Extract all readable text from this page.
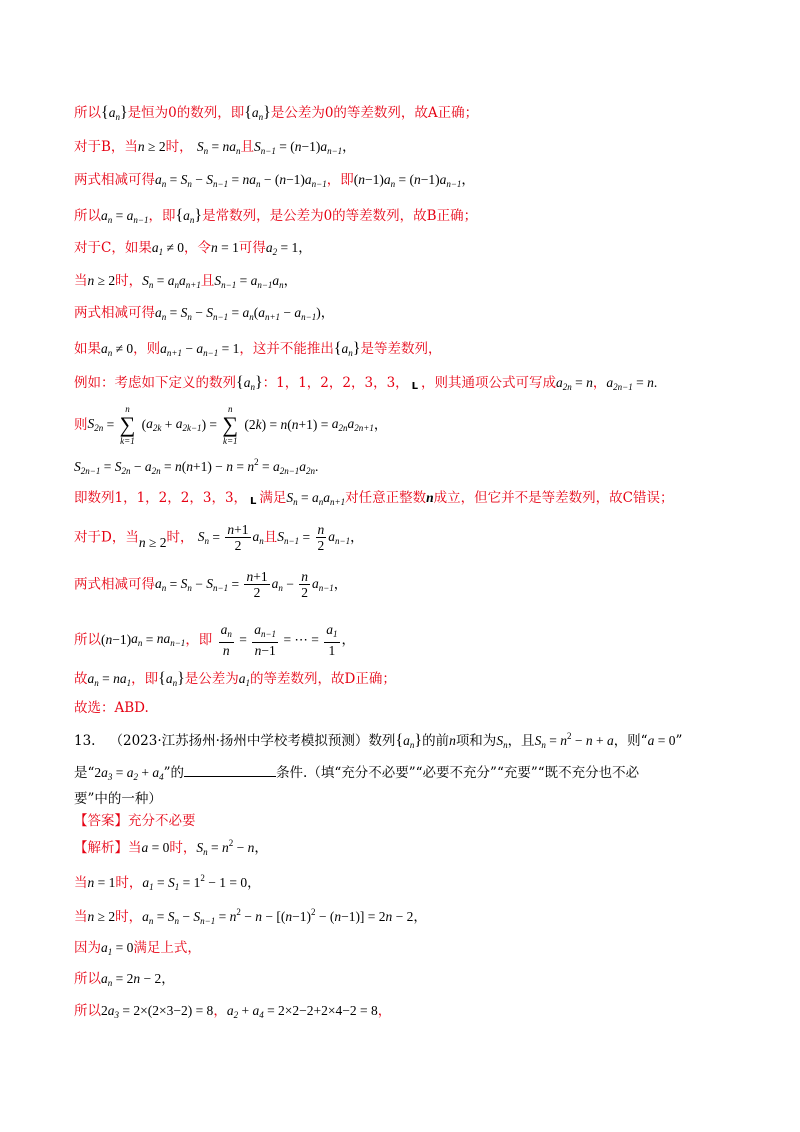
所以$\{a_n\}$是恒为0的数列，即$\{a_n\}$是公差为0的等差数列，故A正确；
对于B，当n ≥ 2时， $S_n = na_n$且$S_{n-1} = (n-1)a_{n-1}$，
两式相减可得$a_n = S_n - S_{n-1} = na_n - (n-1)a_{n-1}$，即$(n-1)a_n = (n-1)a_{n-1}$，
所以$a_n = a_{n-1}$，即$\{a_n\}$是常数列，是公差为0的等差数列，故B正确；
对于C，如果$a_1 \ne 0$，令n = 1可得$a_2 = 1$，
当n ≥ 2时，$S_n = a_na_{n+1}$且$S_{n-1} = a_{n-1}a_n$，
两式相减可得$a_n = S_n - S_{n-1} = a_n(a_{n+1} - a_{n-1})$，
如果$a_n \ne 0$，则$a_{n+1} - a_{n-1} = 1$，这并不能推出$\{a_n\}$是等差数列，
例如：考虑如下定义的数列$\{a_n\}$：1，1，2，2，3，3， L ，则其通项公式可写成$a_{2n} = n$，$a_{2n-1} = n$.
则$S_{2n} = n$
∑
k=1 $(a_{2k} + a_{2k-1}) = n$
∑
k=1 $(2k) = n(n+1) = a_{2n}a_{2n+1}$，
$S_{2n-1} = S_{2n} - a_{2n} = n(n+1) - n = n^2 = a_{2n-1}a_{2n}$.
即数列1，1，2，2，3，3， L 满足$S_n = a_na_{n+1}$对任意正整数n成立，但它并不是等差数列，故C错误；
对于D，当n ≥ 2时， $S_n = \frac{n+1}{2} a_n$且$S_{n-1} = \frac{n}{2} a_{n-1}$，
两式相减可得$a_n = S_n - S_{n-1} = \frac{n+1}{2} a_n - \frac{n}{2} a_{n-1}$，
所以$(n-1)a_n = na_{n-1}$，即 $\frac{a_n}{n} = \frac{a_{n-1}}{n-1}$ = ⋯ = $\frac{a_1}{1}$ ，
故$a_n = na_1$，即$\{a_n\}$是公差为$a_1$的等差数列，故D正确；
故选：ABD.
13. （2023·江苏扬州·扬州中学校考模拟预测）数列$\{a_n\}$的前n项和为$S_n$，且$S_n = n^2 - n + a$，则“a = 0”
是“$2a_3 = a_2 + a_4$”的	条件.（填“充分不必要”“必要不充分”“充要”“既不充分也不必
要”中的一种）
【答案】充分不必要
【解析】当a = 0时，$S_n = n^2 - n$，
当n = 1时，$a_1 = S_1 = 1^2 - 1 = 0$，
当n ≥ 2时，$a_n = S_n - S_{n-1} = n^2 - n - [(n-1)^2 - (n-1)] = 2n - 2$，
因为$a_1 = 0$满足上式，
所以$a_n = 2n - 2$，
所以$2a_3 = 2\times(2\times 3-2) = 8$，$a_2 + a_4 = 2\times 2-2+2\times 4-2 = 8$，
